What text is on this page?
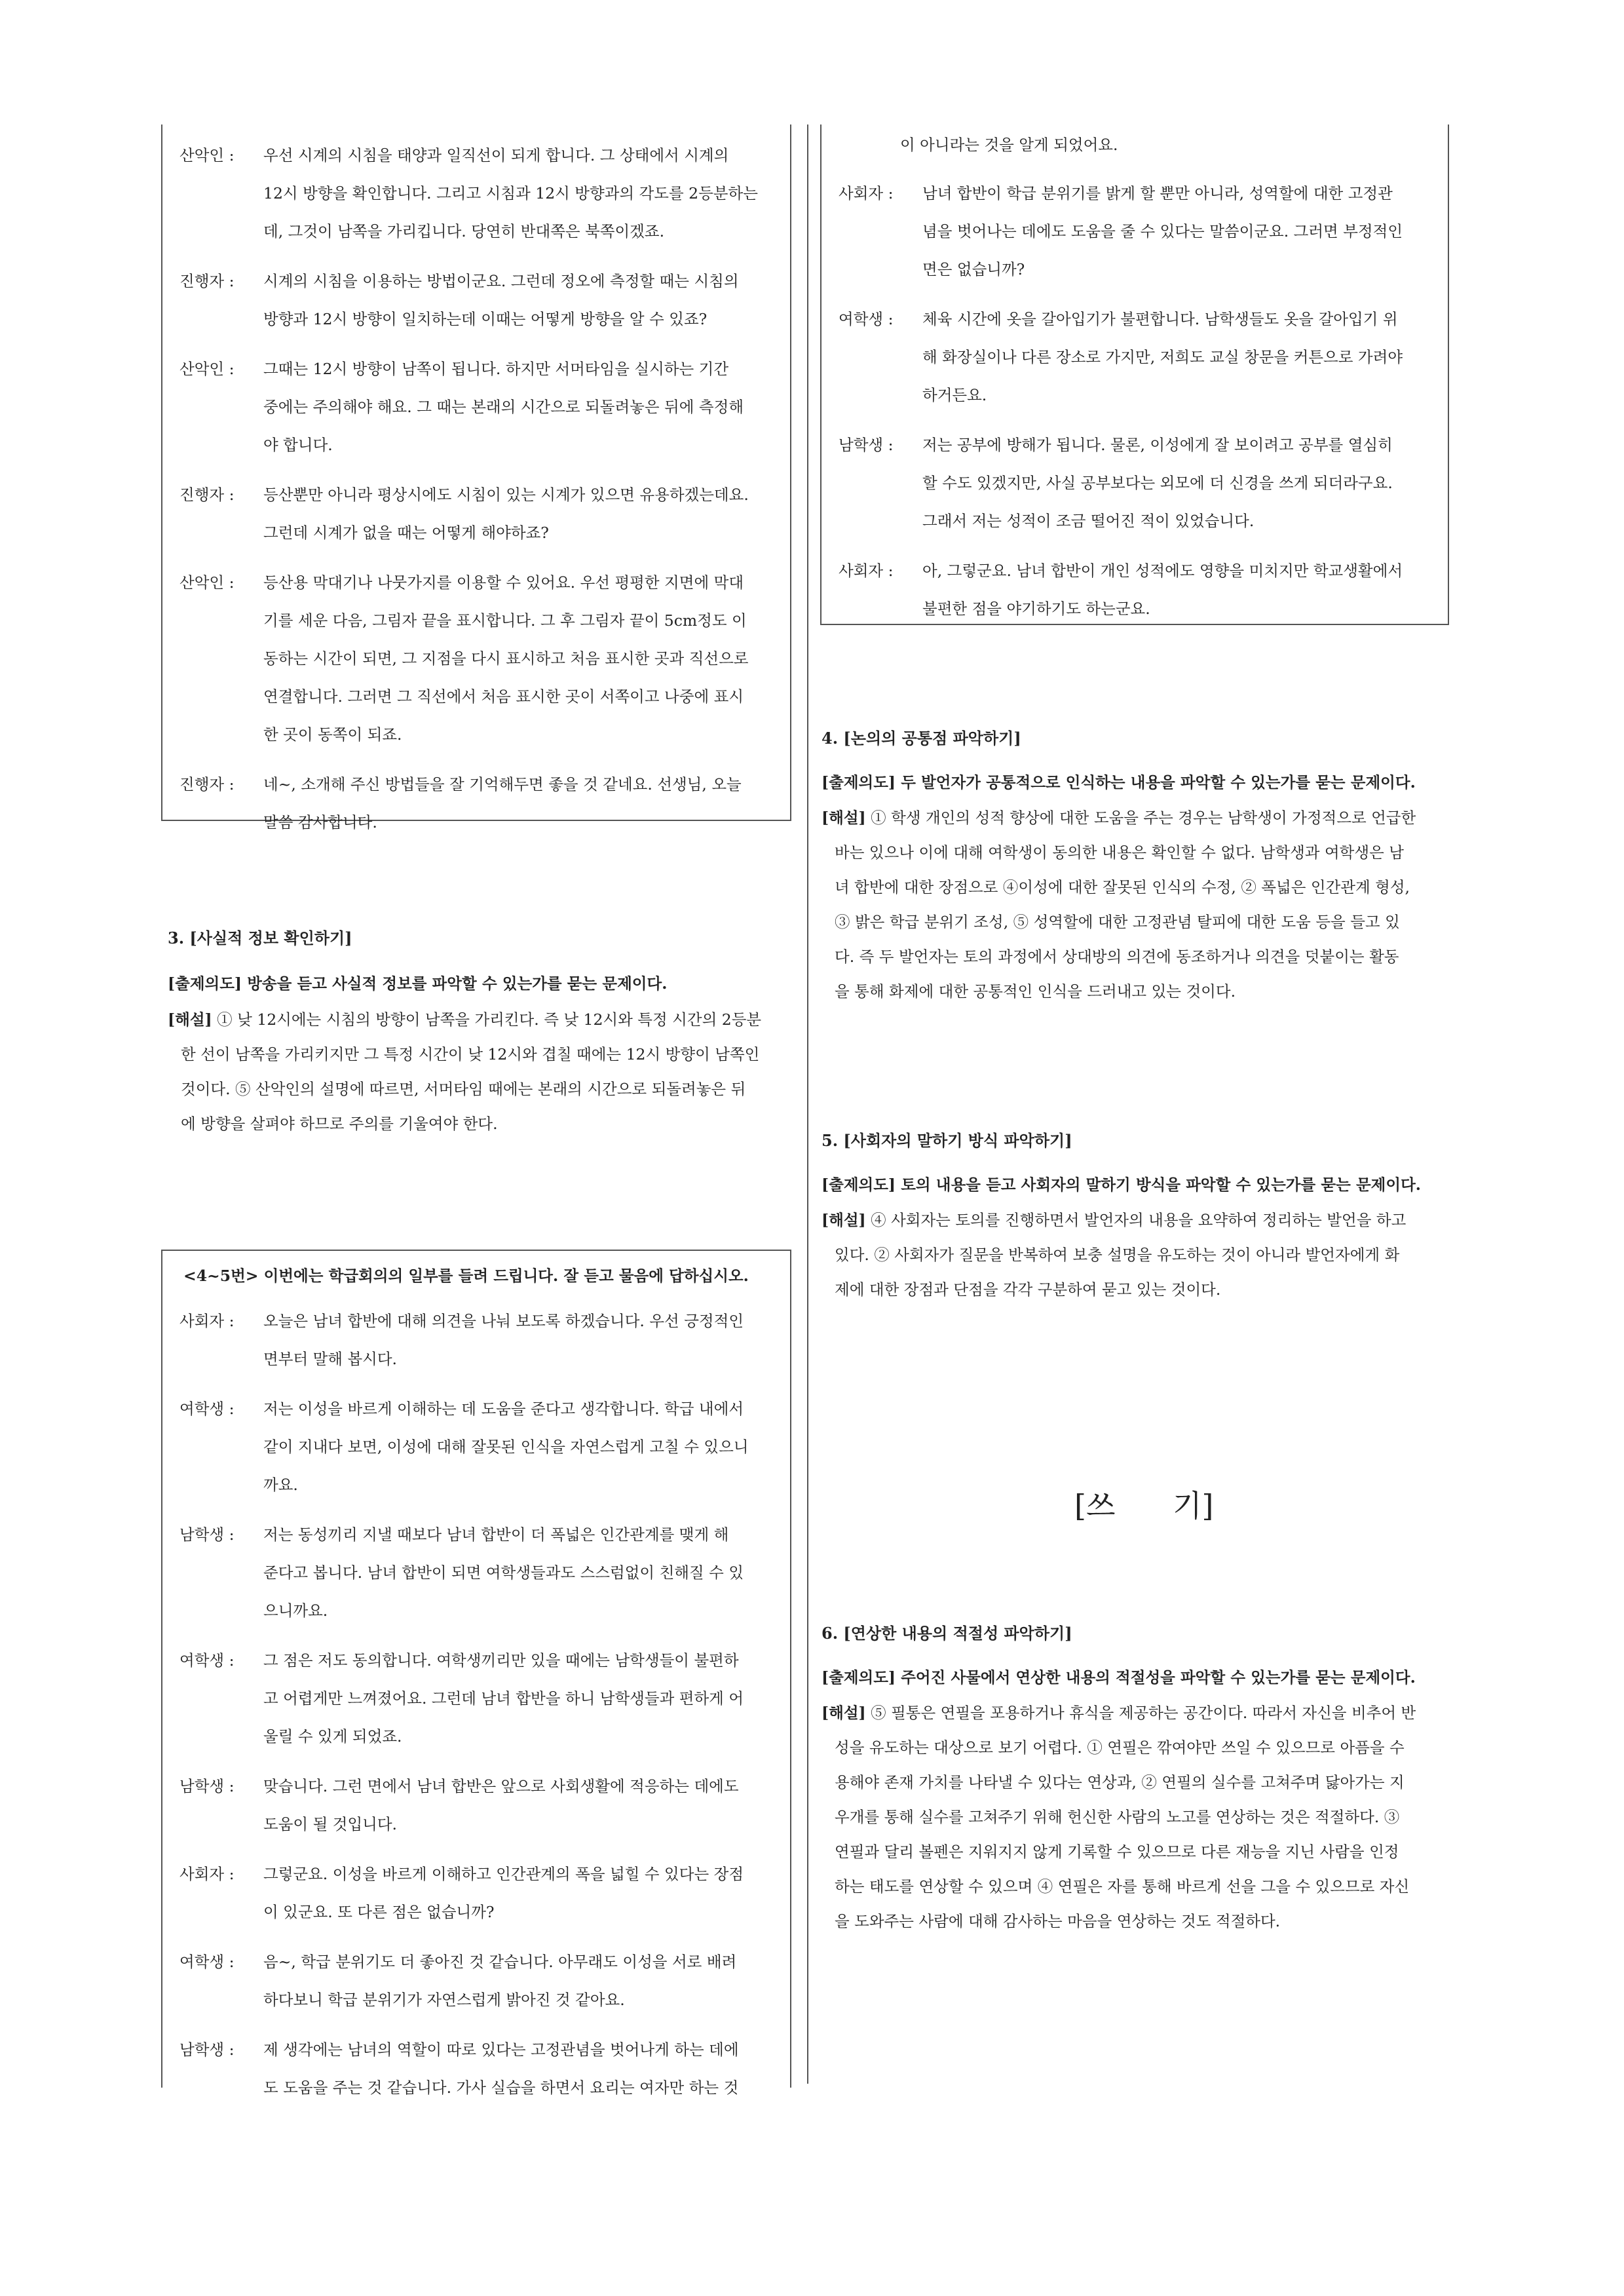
산악인 : 우선 시계의 시침을 태양과 일직선이 되게 합니다. 그 상태에서 시계의
12시 방향을 확인합니다. 그리고 시침과 12시 방향과의 각도를 2등분하는
데, 그것이 남쪽을 가리킵니다. 당연히 반대쪽은 북쪽이겠죠.
진행자 : 시계의 시침을 이용하는 방법이군요. 그런데 정오에 측정할 때는 시침의
방향과 12시 방향이 일치하는데 이때는 어떻게 방향을 알 수 있죠?
산악인 : 그때는 12시 방향이 남쪽이 됩니다. 하지만 서머타임을 실시하는 기간
중에는 주의해야 해요. 그 때는 본래의 시간으로 되돌려놓은 뒤에 측정해
야 합니다.
진행자 : 등산뿐만 아니라 평상시에도 시침이 있는 시계가 있으면 유용하겠는데요.
그런데 시계가 없을 때는 어떻게 해야하죠?
산악인 : 등산용 막대기나 나뭇가지를 이용할 수 있어요. 우선 평평한 지면에 막대
기를 세운 다음, 그림자 끝을 표시합니다. 그 후 그림자 끝이 5cm정도 이
동하는 시간이 되면, 그 지점을 다시 표시하고 처음 표시한 곳과 직선으로
연결합니다. 그러면 그 직선에서 처음 표시한 곳이 서쪽이고 나중에 표시
한 곳이 동쪽이 되죠.
진행자 : 네~, 소개해 주신 방법들을 잘 기억해두면 좋을 것 같네요. 선생님, 오늘
말씀 감사합니다.
3. [사실적 정보 확인하기]
[출제의도] 방송을 듣고 사실적 정보를 파악할 수 있는가를 묻는 문제이다.
[해설] ① 낮 12시에는 시침의 방향이 남쪽을 가리킨다. 즉 낮 12시와 특정 시간의 2등분
한 선이 남쪽을 가리키지만 그 특정 시간이 낮 12시와 겹칠 때에는 12시 방향이 남쪽인
것이다. ⑤ 산악인의 설명에 따르면, 서머타임 때에는 본래의 시간으로 되돌려놓은 뒤
에 방향을 살펴야 하므로 주의를 기울여야 한다.
<4~5번> 이번에는 학급회의의 일부를 들려 드립니다. 잘 듣고 물음에 답하십시오.
사회자 : 오늘은 남녀 합반에 대해 의견을 나눠 보도록 하겠습니다. 우선 긍정적인
면부터 말해 봅시다.
여학생 : 저는 이성을 바르게 이해하는 데 도움을 준다고 생각합니다. 학급 내에서
같이 지내다 보면, 이성에 대해 잘못된 인식을 자연스럽게 고칠 수 있으니
까요.
남학생 : 저는 동성끼리 지낼 때보다 남녀 합반이 더 폭넓은 인간관계를 맺게 해
준다고 봅니다. 남녀 합반이 되면 여학생들과도 스스럼없이 친해질 수 있
으니까요.
여학생 : 그 점은 저도 동의합니다. 여학생끼리만 있을 때에는 남학생들이 불편하
고 어렵게만 느껴졌어요. 그런데 남녀 합반을 하니 남학생들과 편하게 어
울릴 수 있게 되었죠.
남학생 : 맞습니다. 그런 면에서 남녀 합반은 앞으로 사회생활에 적응하는 데에도
도움이 될 것입니다.
사회자 : 그렇군요. 이성을 바르게 이해하고 인간관계의 폭을 넓힐 수 있다는 장점
이 있군요. 또 다른 점은 없습니까?
여학생 : 음~, 학급 분위기도 더 좋아진 것 같습니다. 아무래도 이성을 서로 배려
하다보니 학급 분위기가 자연스럽게 밝아진 것 같아요.
남학생 : 제 생각에는 남녀의 역할이 따로 있다는 고정관념을 벗어나게 하는 데에
도 도움을 주는 것 같습니다. 가사 실습을 하면서 요리는 여자만 하는 것
이 아니라는 것을 알게 되었어요.
사회자 : 남녀 합반이 학급 분위기를 밝게 할 뿐만 아니라, 성역할에 대한 고정관
념을 벗어나는 데에도 도움을 줄 수 있다는 말씀이군요. 그러면 부정적인
면은 없습니까?
여학생 : 체육 시간에 옷을 갈아입기가 불편합니다. 남학생들도 옷을 갈아입기 위
해 화장실이나 다른 장소로 가지만, 저희도 교실 창문을 커튼으로 가려야
하거든요.
남학생 : 저는 공부에 방해가 됩니다. 물론, 이성에게 잘 보이려고 공부를 열심히
할 수도 있겠지만, 사실 공부보다는 외모에 더 신경을 쓰게 되더라구요.
그래서 저는 성적이 조금 떨어진 적이 있었습니다.
사회자 : 아, 그렇군요. 남녀 합반이 개인 성적에도 영향을 미치지만 학교생활에서
불편한 점을 야기하기도 하는군요.
4. [논의의 공통점 파악하기]
[출제의도] 두 발언자가 공통적으로 인식하는 내용을 파악할 수 있는가를 묻는 문제이다.
[해설] ① 학생 개인의 성적 향상에 대한 도움을 주는 경우는 남학생이 가정적으로 언급한
바는 있으나 이에 대해 여학생이 동의한 내용은 확인할 수 없다. 남학생과 여학생은 남
녀 합반에 대한 장점으로 ④이성에 대한 잘못된 인식의 수정, ② 폭넓은 인간관계 형성,
③ 밝은 학급 분위기 조성, ⑤ 성역할에 대한 고정관념 탈피에 대한 도움 등을 들고 있
다. 즉 두 발언자는 토의 과정에서 상대방의 의견에 동조하거나 의견을 덧붙이는 활동
을 통해 화제에 대한 공통적인 인식을 드러내고 있는 것이다.
5. [사회자의 말하기 방식 파악하기]
[출제의도] 토의 내용을 듣고 사회자의 말하기 방식을 파악할 수 있는가를 묻는 문제이다.
[해설] ④ 사회자는 토의를 진행하면서 발언자의 내용을 요약하여 정리하는 발언을 하고
있다. ② 사회자가 질문을 반복하여 보충 설명을 유도하는 것이 아니라 발언자에게 화
제에 대한 장점과 단점을 각각 구분하여 묻고 있는 것이다.
[쓰      기]
6. [연상한 내용의 적절성 파악하기]
[출제의도] 주어진 사물에서 연상한 내용의 적절성을 파악할 수 있는가를 묻는 문제이다.
[해설] ⑤ 필통은 연필을 포용하거나 휴식을 제공하는 공간이다. 따라서 자신을 비추어 반
성을 유도하는 대상으로 보기 어렵다. ① 연필은 깎여야만 쓰일 수 있으므로 아픔을 수
용해야 존재 가치를 나타낼 수 있다는 연상과, ② 연필의 실수를 고쳐주며 닳아가는 지
우개를 통해 실수를 고쳐주기 위해 헌신한 사람의 노고를 연상하는 것은 적절하다. ③
연필과 달리 볼펜은 지워지지 않게 기록할 수 있으므로 다른 재능을 지닌 사람을 인정
하는 태도를 연상할 수 있으며 ④ 연필은 자를 통해 바르게 선을 그을 수 있으므로 자신
을 도와주는 사람에 대해 감사하는 마음을 연상하는 것도 적절하다.
